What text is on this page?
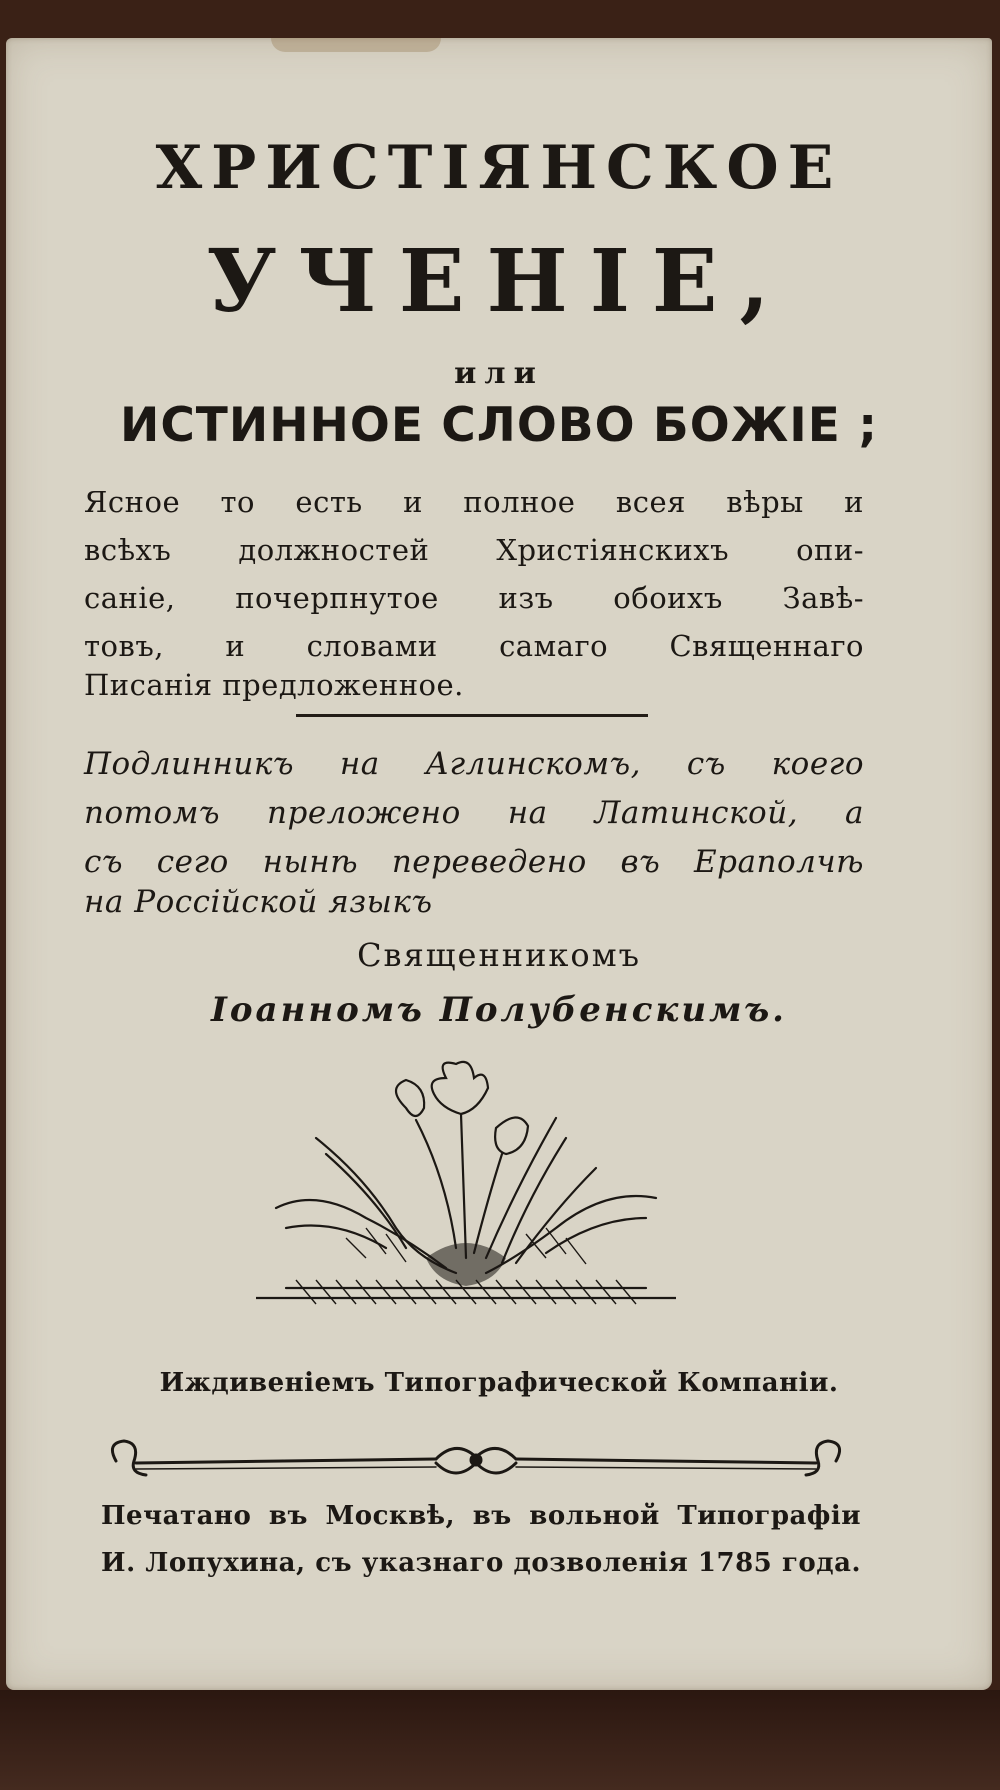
ХРИСТІЯНСКОЕ
УЧЕНІЕ,
или
ИСТИННОЕ СЛОВО БОЖІЕ ;
Ясное то есть и полное всея вѣры и
всѣхъ должностей Христіянскихъ опи-
саніе, почерпнутое изъ обоихъ Завѣ-
товъ, и словами самаго Священнаго
Писанія предложенное.
Подлинникъ на Аглинскомъ, съ коего
потомъ преложено на Латинской, а
съ сего нынѣ переведено въ Ераполчѣ
на Россійской языкъ
Священникомъ
Іоанномъ Полубенскимъ.
Иждивеніемъ Типографической Компаніи.
Печатано въ Москвѣ, въ вольной Типографіи
И. Лопухина, съ указнаго дозволенія 1785 года.
